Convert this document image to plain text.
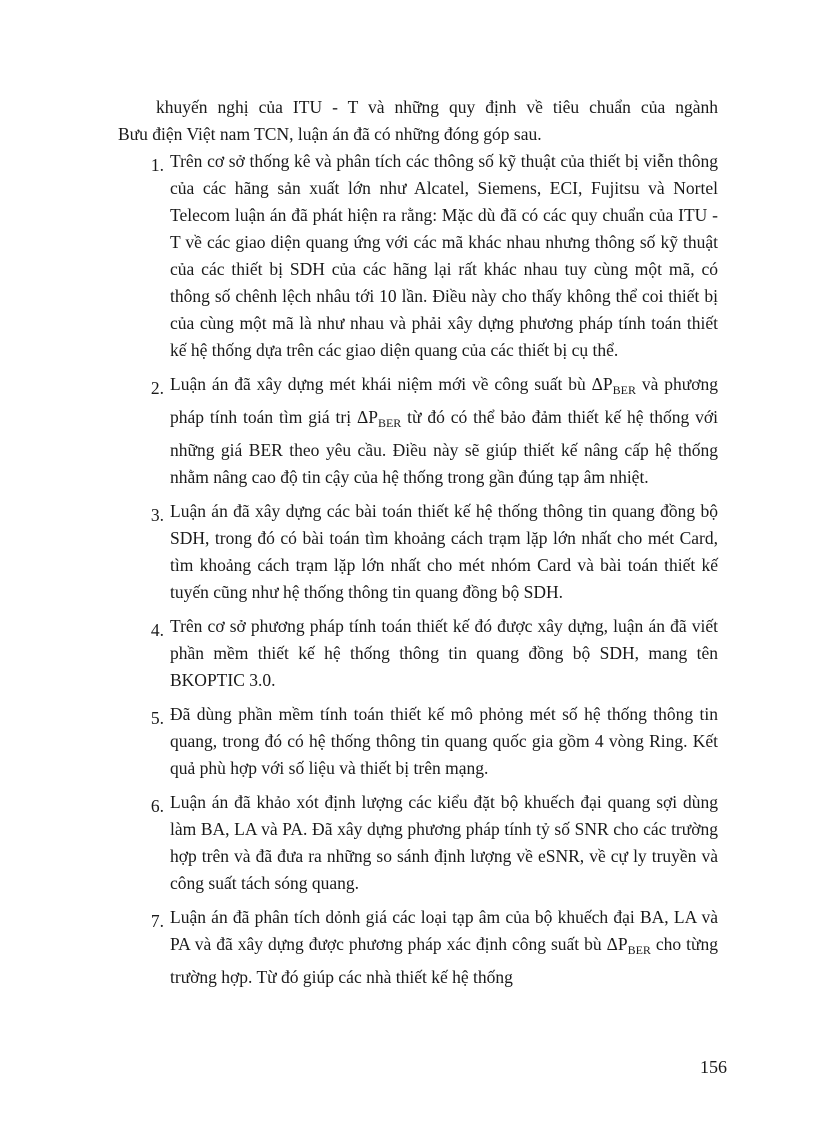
khuyến nghị của ITU - T và những quy định về tiêu chuẩn của ngành
Bưu điện Việt nam TCN, luận án đã có những đóng góp sau.
1. Trên cơ sở thống kê và phân tích các thông số kỹ thuật của thiết bị viễn thông của các hãng sản xuất lớn như Alcatel, Siemens, ECI, Fujitsu và Nortel Telecom luận án đã phát hiện ra rằng: Mặc dù đã có các quy chuẩn của ITU - T về các giao diện quang ứng với các mã khác nhau nhưng thông số kỹ thuật của các thiết bị SDH của các hãng lại rất khác nhau tuy cùng một mã, có thông số chênh lệch nhâu tới 10 lần. Điều này cho thấy không thể coi thiết bị của cùng một mã là như nhau và phải xây dựng phương pháp tính toán thiết kế hệ thống dựa trên các giao diện quang của các thiết bị cụ thể.
2. Luận án đã xây dựng mét khái niệm mới về công suất bù $\Delta P_{BER}$ và phương pháp tính toán tìm giá trị $\Delta P_{BER}$ từ đó có thể bảo đảm thiết kế hệ thống với những giá BER theo yêu cầu. Điều này sẽ giúp thiết kế nâng cấp hệ thống nhằm nâng cao độ tin cậy của hệ thống trong gần đúng tạp âm nhiệt.
3. Luận án đã xây dựng các bài toán thiết kế hệ thống thông tin quang đồng bộ SDH, trong đó có bài toán tìm khoảng cách trạm lặp lớn nhất cho mét Card, tìm khoảng cách trạm lặp lớn nhất cho mét nhóm Card và bài toán thiết kế tuyến cũng như hệ thống thông tin quang đồng bộ SDH.
4. Trên cơ sở phương pháp tính toán thiết kế đó được xây dựng, luận án đã viết phần mềm thiết kế hệ thống thông tin quang đồng bộ SDH, mang tên BKOPTIC 3.0.
5. Đã dùng phần mềm tính toán thiết kế mô phỏng mét số hệ thống thông tin quang, trong đó có hệ thống thông tin quang quốc gia gồm 4 vòng Ring. Kết quả phù hợp với số liệu và thiết bị trên mạng.
6. Luận án đã khảo xót định lượng các kiểu đặt bộ khuếch đại quang sợi dùng làm BA, LA và PA. Đã xây dựng phương pháp tính tỷ số SNR cho các trường hợp trên và đã đưa ra những so sánh định lượng về eSNR, về cự ly truyền và công suất tách sóng quang.
7. Luận án đã phân tích dỏnh giá các loại tạp âm của bộ khuếch đại BA, LA và PA và đã xây dựng được phương pháp xác định công suất bù $\Delta P_{BER}$ cho từng trường hợp. Từ đó giúp các nhà thiết kế hệ thống
156
